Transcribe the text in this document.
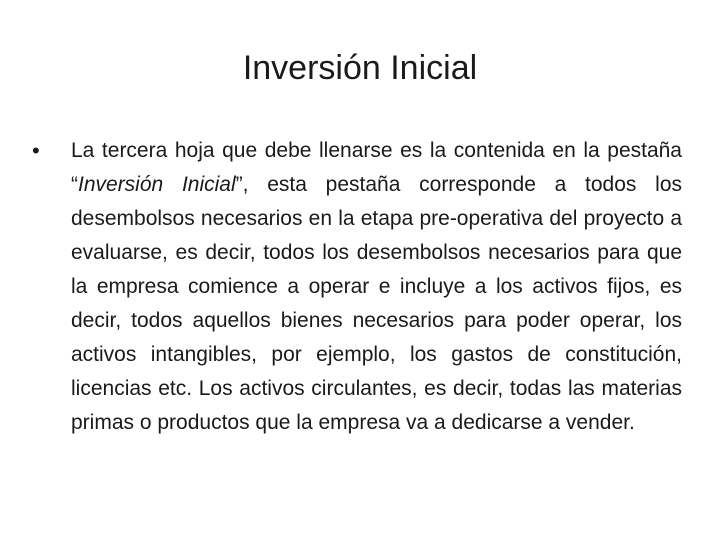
Inversión Inicial
• La tercera hoja que debe llenarse es la contenida en la pestaña “Inversión Inicial”, esta pestaña corresponde a todos los desembolsos necesarios en la etapa pre-operativa del proyecto a evaluarse, es decir, todos los desembolsos necesarios para que la empresa comience a operar e incluye a los activos fijos, es decir, todos aquellos bienes necesarios para poder operar, los activos intangibles, por ejemplo, los gastos de constitución, licencias etc. Los activos circulantes, es decir, todas las materias primas o productos que la empresa va a dedicarse a vender.
